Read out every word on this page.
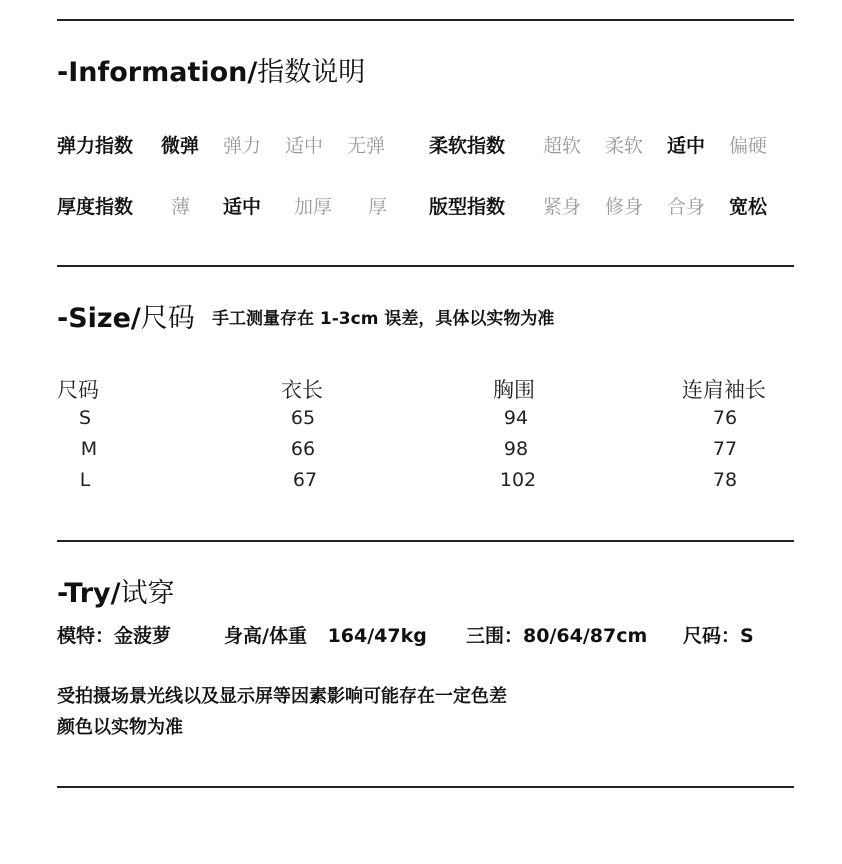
-Information/指数说明
弹力指数 微弹 弹力 适中 无弹 柔软指数 超软 柔软 适中 偏硬
厚度指数 薄 适中 加厚 厚 版型指数 紧身 修身 合身 宽松
-Size/尺码 手工测量存在 1-3cm 误差，具体以实物为准
尺码	衣长	胸围	连肩袖长
S	65	94	76
M	66	98	77
L	67	102	78
-Try/试穿
模特：金菠萝	身高/体重 164/47kg 三围：80/64/87cm 尺码：S
受拍摄场景光线以及显示屏等因素影响可能存在一定色差
颜色以实物为准
